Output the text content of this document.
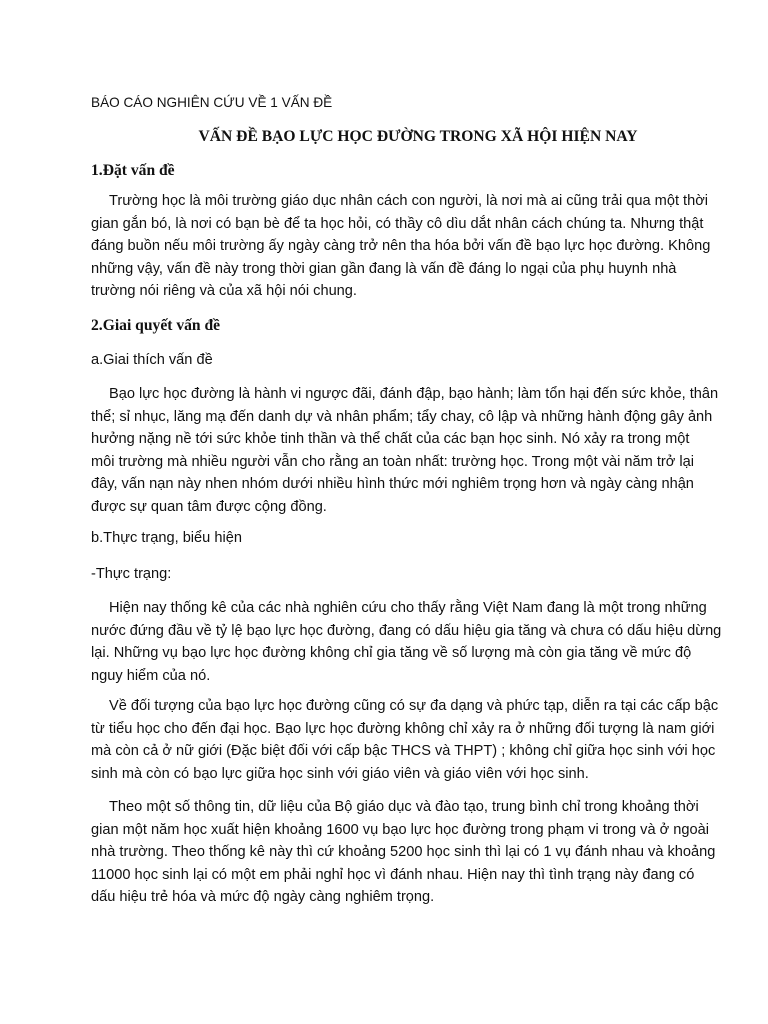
BÁO CÁO NGHIÊN CỨU VỀ 1 VẤN ĐỀ
VẤN ĐỀ BẠO LỰC HỌC ĐƯỜNG TRONG XÃ HỘI HIỆN NAY
1.Đặt vấn đề
Trường học là môi trường giáo dục nhân cách con người, là nơi mà ai cũng trải qua một thời
gian gắn bó, là nơi có bạn bè để ta học hỏi, có thầy cô dìu dắt nhân cách chúng ta. Nhưng thật
đáng buồn nếu môi trường ấy ngày càng trở nên tha hóa bởi vấn đề bạo lực học đường. Không
những vậy, vấn đề này trong thời gian gần đang là vấn đề đáng lo ngại của phụ huynh nhà
trường nói riêng và của xã hội nói chung.
2.Giai quyết vấn đề
a.Giai thích vấn đề
Bạo lực học đường là hành vi ngược đãi, đánh đập, bạo hành; làm tổn hại đến sức khỏe, thân
thể; sỉ nhục, lăng mạ đến danh dự và nhân phẩm; tẩy chay, cô lập và những hành động gây ảnh
hưởng nặng nề tới sức khỏe tinh thần và thể chất của các bạn học sinh. Nó xảy ra trong một
môi trường mà nhiều người vẫn cho rằng an toàn nhất: trường học. Trong một vài năm trở lại
đây, vấn nạn này nhen nhóm dưới nhiều hình thức mới nghiêm trọng hơn và ngày càng nhận
được sự quan tâm được cộng đồng.
b.Thực trạng, biểu hiện
-Thực trạng:
Hiện nay thống kê của các nhà nghiên cứu cho thấy rằng Việt Nam đang là một trong những
nước đứng đầu về tỷ lệ bạo lực học đường, đang có dấu hiệu gia tăng và chưa có dấu hiệu dừng
lại. Những vụ bạo lực học đường không chỉ gia tăng về số lượng mà còn gia tăng về mức độ
nguy hiểm của nó.
Về đối tượng của bạo lực học đường cũng có sự đa dạng và phức tạp, diễn ra tại các cấp bậc
từ tiểu học cho đến đại học. Bạo lực học đường không chỉ xảy ra ở những đối tượng là nam giới
mà còn cả ở nữ giới (Đặc biệt đối với cấp bậc THCS và THPT) ; không chỉ giữa học sinh với học
sinh mà còn có bạo lực giữa học sinh với giáo viên và giáo viên với học sinh.
Theo một số thông tin, dữ liệu của Bộ giáo dục và đào tạo, trung bình chỉ trong khoảng thời
gian một năm học xuất hiện khoảng 1600 vụ bạo lực học đường trong phạm vi trong và ở ngoài
nhà trường. Theo thống kê này thì cứ khoảng 5200 học sinh thì lại có 1 vụ đánh nhau và khoảng
11000 học sinh lại có một em phải nghỉ học vì đánh nhau. Hiện nay thì tình trạng này đang có
dấu hiệu trẻ hóa và mức độ ngày càng nghiêm trọng.
